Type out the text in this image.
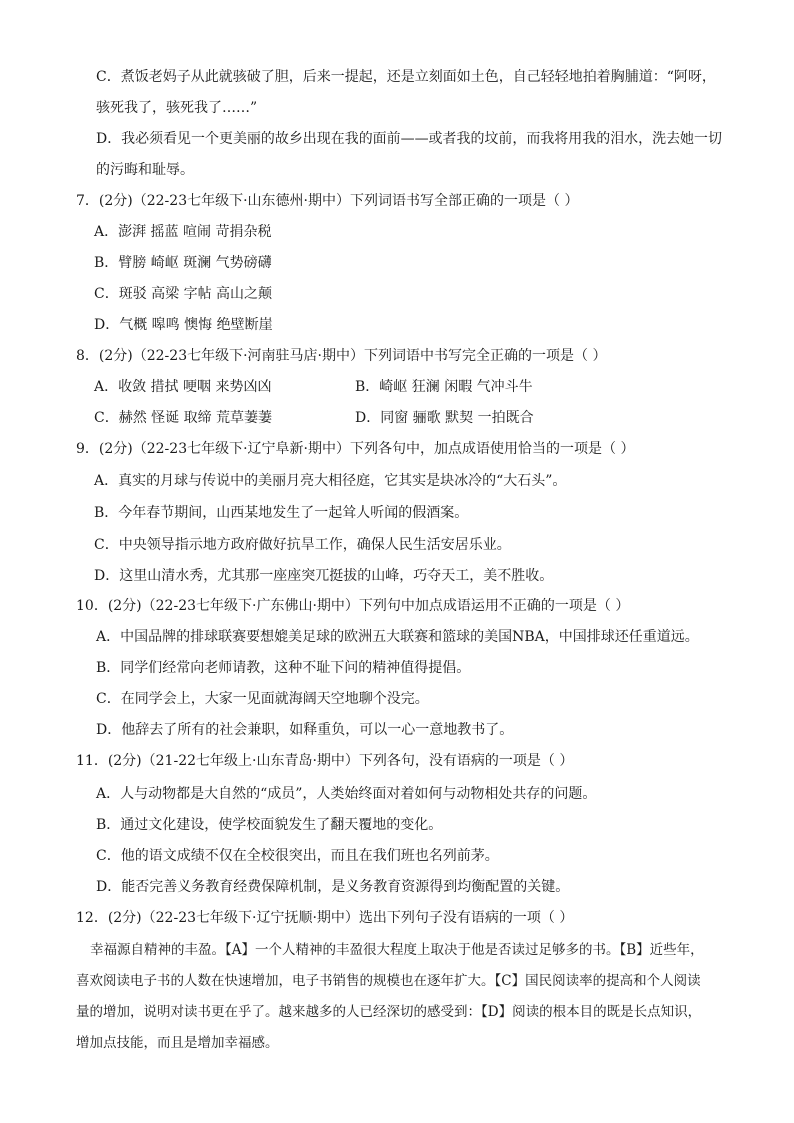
C．煮饭老妈子从此就骇破了胆，后来一提起，还是立刻面如土色，自己轻轻地拍着胸脯道：“阿呀，
骇死我了，骇死我了……”
D．我必须看见一个更美丽的故乡出现在我的面前——或者我的坟前，而我将用我的泪水，洗去她一切
的污晦和耻辱。
7．(2分)（22-23七年级下·山东德州·期中）下列词语书写全部正确的一项是（ ）
A．澎湃 摇蓝 喧闹 苛捐杂税
B．臂膀 崎岖 斑澜 气势磅礴
C．斑驳 高梁 字帖 高山之颠
D．气概 嗥鸣 懊悔 绝壁断崖
8．(2分)（22-23七年级下·河南驻马店·期中）下列词语中书写完全正确的一项是（ ）
A．收敛 措拭 哽咽 来势凶凶	B．崎岖 狂澜 闲暇 气冲斗牛
C．赫然 怪诞 取缔 荒草萋萋	D．同窗 骊歌 默契 一拍既合
9．(2分)（22-23七年级下·辽宁阜新·期中）下列各句中，加点成语使用恰当的一项是（ ）
A．真实的月球与传说中的美丽月亮大相径庭，它其实是块冰冷的“大石头”。
B．今年春节期间，山西某地发生了一起耸人听闻的假酒案。
C．中央领导指示地方政府做好抗旱工作，确保人民生活安居乐业。
D．这里山清水秀，尤其那一座座突兀挺拔的山峰，巧夺天工，美不胜收。
10．(2分)（22-23七年级下·广东佛山·期中）下列句中加点成语运用不正确的一项是（ ）
A．中国品牌的排球联赛要想媲美足球的欧洲五大联赛和篮球的美国NBA，中国排球还任重道远。
B．同学们经常向老师请教，这种不耻下问的精神值得提倡。
C．在同学会上，大家一见面就海阔天空地聊个没完。
D．他辞去了所有的社会兼职，如释重负，可以一心一意地教书了。
11．(2分)（21-22七年级上·山东青岛·期中）下列各句，没有语病的一项是（ ）
A．人与动物都是大自然的“成员”，人类始终面对着如何与动物相处共存的问题。
B．通过文化建设，使学校面貌发生了翻天覆地的变化。
C．他的语文成绩不仅在全校很突出，而且在我们班也名列前茅。
D．能否完善义务教育经费保障机制，是义务教育资源得到均衡配置的关键。
12．(2分)（22-23七年级下·辽宁抚顺·期中）选出下列句子没有语病的一项（ ）
幸福源自精神的丰盈。【A】一个人精神的丰盈很大程度上取决于他是否读过足够多的书。【B】近些年，
喜欢阅读电子书的人数在快速增加，电子书销售的规模也在逐年扩大。【C】国民阅读率的提高和个人阅读
量的增加，说明对读书更在乎了。越来越多的人已经深切的感受到：【D】阅读的根本目的既是长点知识，
增加点技能，而且是增加幸福感。
